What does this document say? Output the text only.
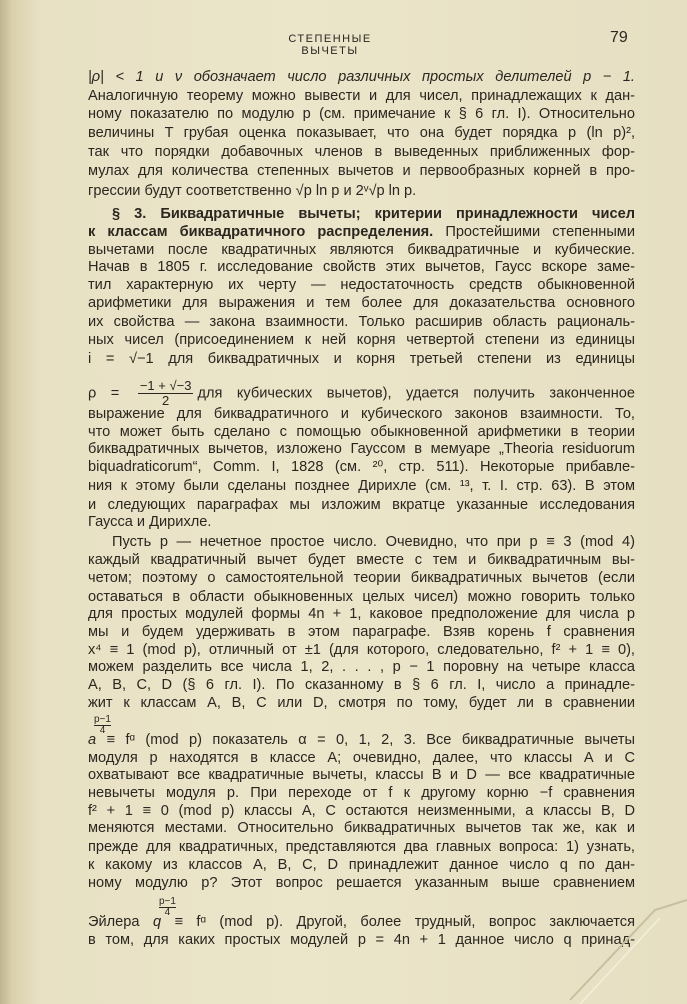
СТЕПЕННЫЕ ВЫЧЕТЫ
79
|ρ| < 1 и ν обозначает число различных простых делителей p − 1.
Аналогичную теорему можно вывести и для чисел, принадлежащих к дан-
ному показателю по модулю p (см. примечание к § 6 гл. I). Относительно
величины T грубая оценка показывает, что она будет порядка p (ln p)²,
так что порядки добавочных членов в выведенных приближенных фор-
мулах для количества степенных вычетов и первообразных корней в про-
грессии будут соответственно √p ln p и 2ᵛ√p ln p.
§ 3. Биквадратичные вычеты; критерии принадлежности чисел
к классам биквадратичного распределения. Простейшими степенными
вычетами после квадратичных являются биквадратичные и кубические.
Начав в 1805 г. исследование свойств этих вычетов, Гаусс вскоре заме-
тил характерную их черту — недостаточность средств обыкновенной
арифметики для выражения и тем более для доказательства основного
их свойства — закона взаимности. Только расширив область рациональ-
ных чисел (присоединением к ней корня четвертой степени из единицы
i = √−1 для биквадратичных и корня третьей степени из единицы
$\rho = \frac{-1 + √-3}{2}$ для кубических вычетов), удается получить законченное
выражение для биквадратичного и кубического законов взаимности. То,
что может быть сделано с помощью обыкновенной арифметики в теории
биквадратичных вычетов, изложено Гауссом в мемуаре „Theoria residuorum
biquadraticorum“, Comm. I, 1828 (см. ²⁰, стр. 511). Некоторые прибавле-
ния к этому были сделаны позднее Дирихле (см. ¹³, т. I. стр. 63). В этом
и следующих параграфах мы изложим вкратце указанные исследования
Гаусса и Дирихле.
Пусть p — нечетное простое число. Очевидно, что при p ≡ 3 (mod 4)
каждый квадратичный вычет будет вместе с тем и биквадратичным вы-
четом; поэтому о самостоятельной теории биквадратичных вычетов (если
оставаться в области обыкновенных целых чисел) можно говорить только
для простых модулей формы 4n + 1, каковое предположение для числа p
мы и будем удерживать в этом параграфе. Взяв корень f сравнения
x⁴ ≡ 1 (mod p), отличный от ±1 (для которого, следовательно, f² + 1 ≡ 0),
можем разделить все числа 1, 2, . . . , p − 1 поровну на четыре класса
A, B, C, D (§ 6 гл. I). По сказанному в § 6 гл. I, число a принадле-
жит к классам A, B, C или D, смотря по тому, будет ли в сравнении
a
$\frac{p-1}{4}$
≡ fᵅ (mod p) показатель α = 0, 1, 2, 3. Все биквадратичные вычеты
модуля p находятся в классе A; очевидно, далее, что классы A и C
охватывают все квадратичные вычеты, классы B и D — все квадратичные
невычеты модуля p. При переходе от f к другому корню −f сравнения
f² + 1 ≡ 0 (mod p) классы A, C остаются неизменными, а классы B, D
меняются местами. Относительно биквадратичных вычетов так же, как и
прежде для квадратичных, представляются два главных вопроса: 1) узнать,
к какому из классов A, B, C, D принадлежит данное число q по дан-
ному модулю p? Этот вопрос решается указанным выше сравнением
Эйлера q
$\frac{p-1}{4}$
≡ fᵅ (mod p). Другой, более трудный, вопрос заключается
в том, для каких простых модулей p = 4n + 1 данное число q принад-
